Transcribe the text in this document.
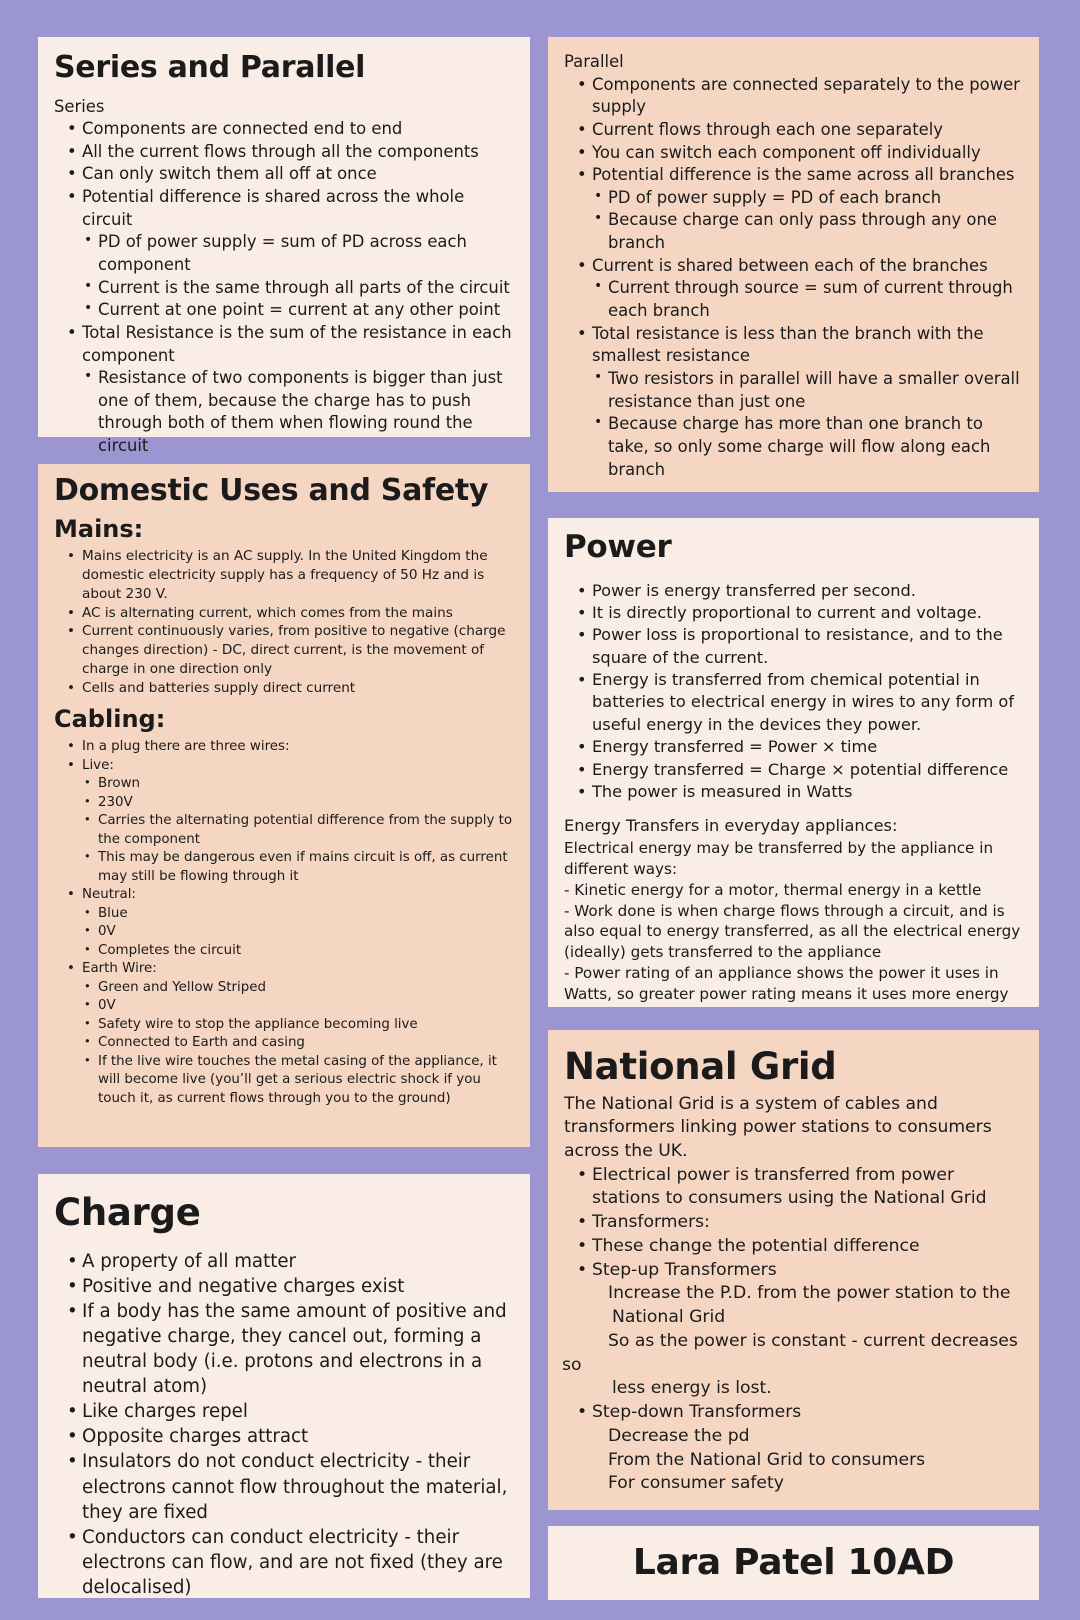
Series and Parallel
Series
• Components are connected end to end
• All the current flows through all the components
• Can only switch them all off at once
• Potential difference is shared across the whole circuit
• PD of power supply = sum of PD across each component
• Current is the same through all parts of the circuit
• Current at one point = current at any other point
• Total Resistance is the sum of the resistance in each component
• Resistance of two components is bigger than just one of them, because the charge has to push through both of them when flowing round the circuit
Parallel
• Components are connected separately to the power supply
• Current flows through each one separately
• You can switch each component off individually
• Potential difference is the same across all branches
• PD of power supply = PD of each branch
• Because charge can only pass through any one branch
• Current is shared between each of the branches
• Current through source = sum of current through each branch
• Total resistance is less than the branch with the smallest resistance
• Two resistors in parallel will have a smaller overall resistance than just one
• Because charge has more than one branch to take, so only some charge will flow along each branch
Domestic Uses and Safety
Mains:
• Mains electricity is an AC supply. In the United Kingdom the domestic electricity supply has a frequency of 50 Hz and is about 230 V.
• AC is alternating current, which comes from the mains
• Current continuously varies, from positive to negative (charge changes direction) - DC, direct current, is the movement of charge in one direction only
• Cells and batteries supply direct current
Cabling:
• In a plug there are three wires:
• Live:
• Brown
• 230V
• Carries the alternating potential difference from the supply to the component
• This may be dangerous even if mains circuit is off, as current may still be flowing through it
• Neutral:
• Blue
• 0V
• Completes the circuit
• Earth Wire:
• Green and Yellow Striped
• 0V
• Safety wire to stop the appliance becoming live
• Connected to Earth and casing
• If the live wire touches the metal casing of the appliance, it will become live (you’ll get a serious electric shock if you touch it, as current flows through you to the ground)
Power
• Power is energy transferred per second.
• It is directly proportional to current and voltage.
• Power loss is proportional to resistance, and to the square of the current.
• Energy is transferred from chemical potential in batteries to electrical energy in wires to any form of useful energy in the devices they power.
• Energy transferred = Power × time
• Energy transferred = Charge × potential difference
• The power is measured in Watts
Energy Transfers in everyday appliances:
Electrical energy may be transferred by the appliance in different ways:
- Kinetic energy for a motor, thermal energy in a kettle
- Work done is when charge flows through a circuit, and is also equal to energy transferred, as all the electrical energy (ideally) gets transferred to the appliance
- Power rating of an appliance shows the power it uses in Watts, so greater power rating means it uses more energy
National Grid

The National Grid is a system of cables and transformers linking power stations to consumers across the UK.

• Electrical power is transferred from power stations to consumers using the National Grid
• Transformers:
• These change the potential difference
• Step-up Transformers
Increase the P.D. from the power station to the
National Grid
So as the power is constant - current decreases
so
less energy is lost.
• Step-down Transformers
Decrease the pd
From the National Grid to consumers
For consumer safety
Charge
• A property of all matter
• Positive and negative charges exist
• If a body has the same amount of positive and negative charge, they cancel out, forming a neutral body (i.e. protons and electrons in a neutral atom)
• Like charges repel
• Opposite charges attract
• Insulators do not conduct electricity - their electrons cannot flow throughout the material, they are fixed
• Conductors can conduct electricity - their electrons can flow, and are not fixed (they are delocalised)
Lara Patel 10AD
